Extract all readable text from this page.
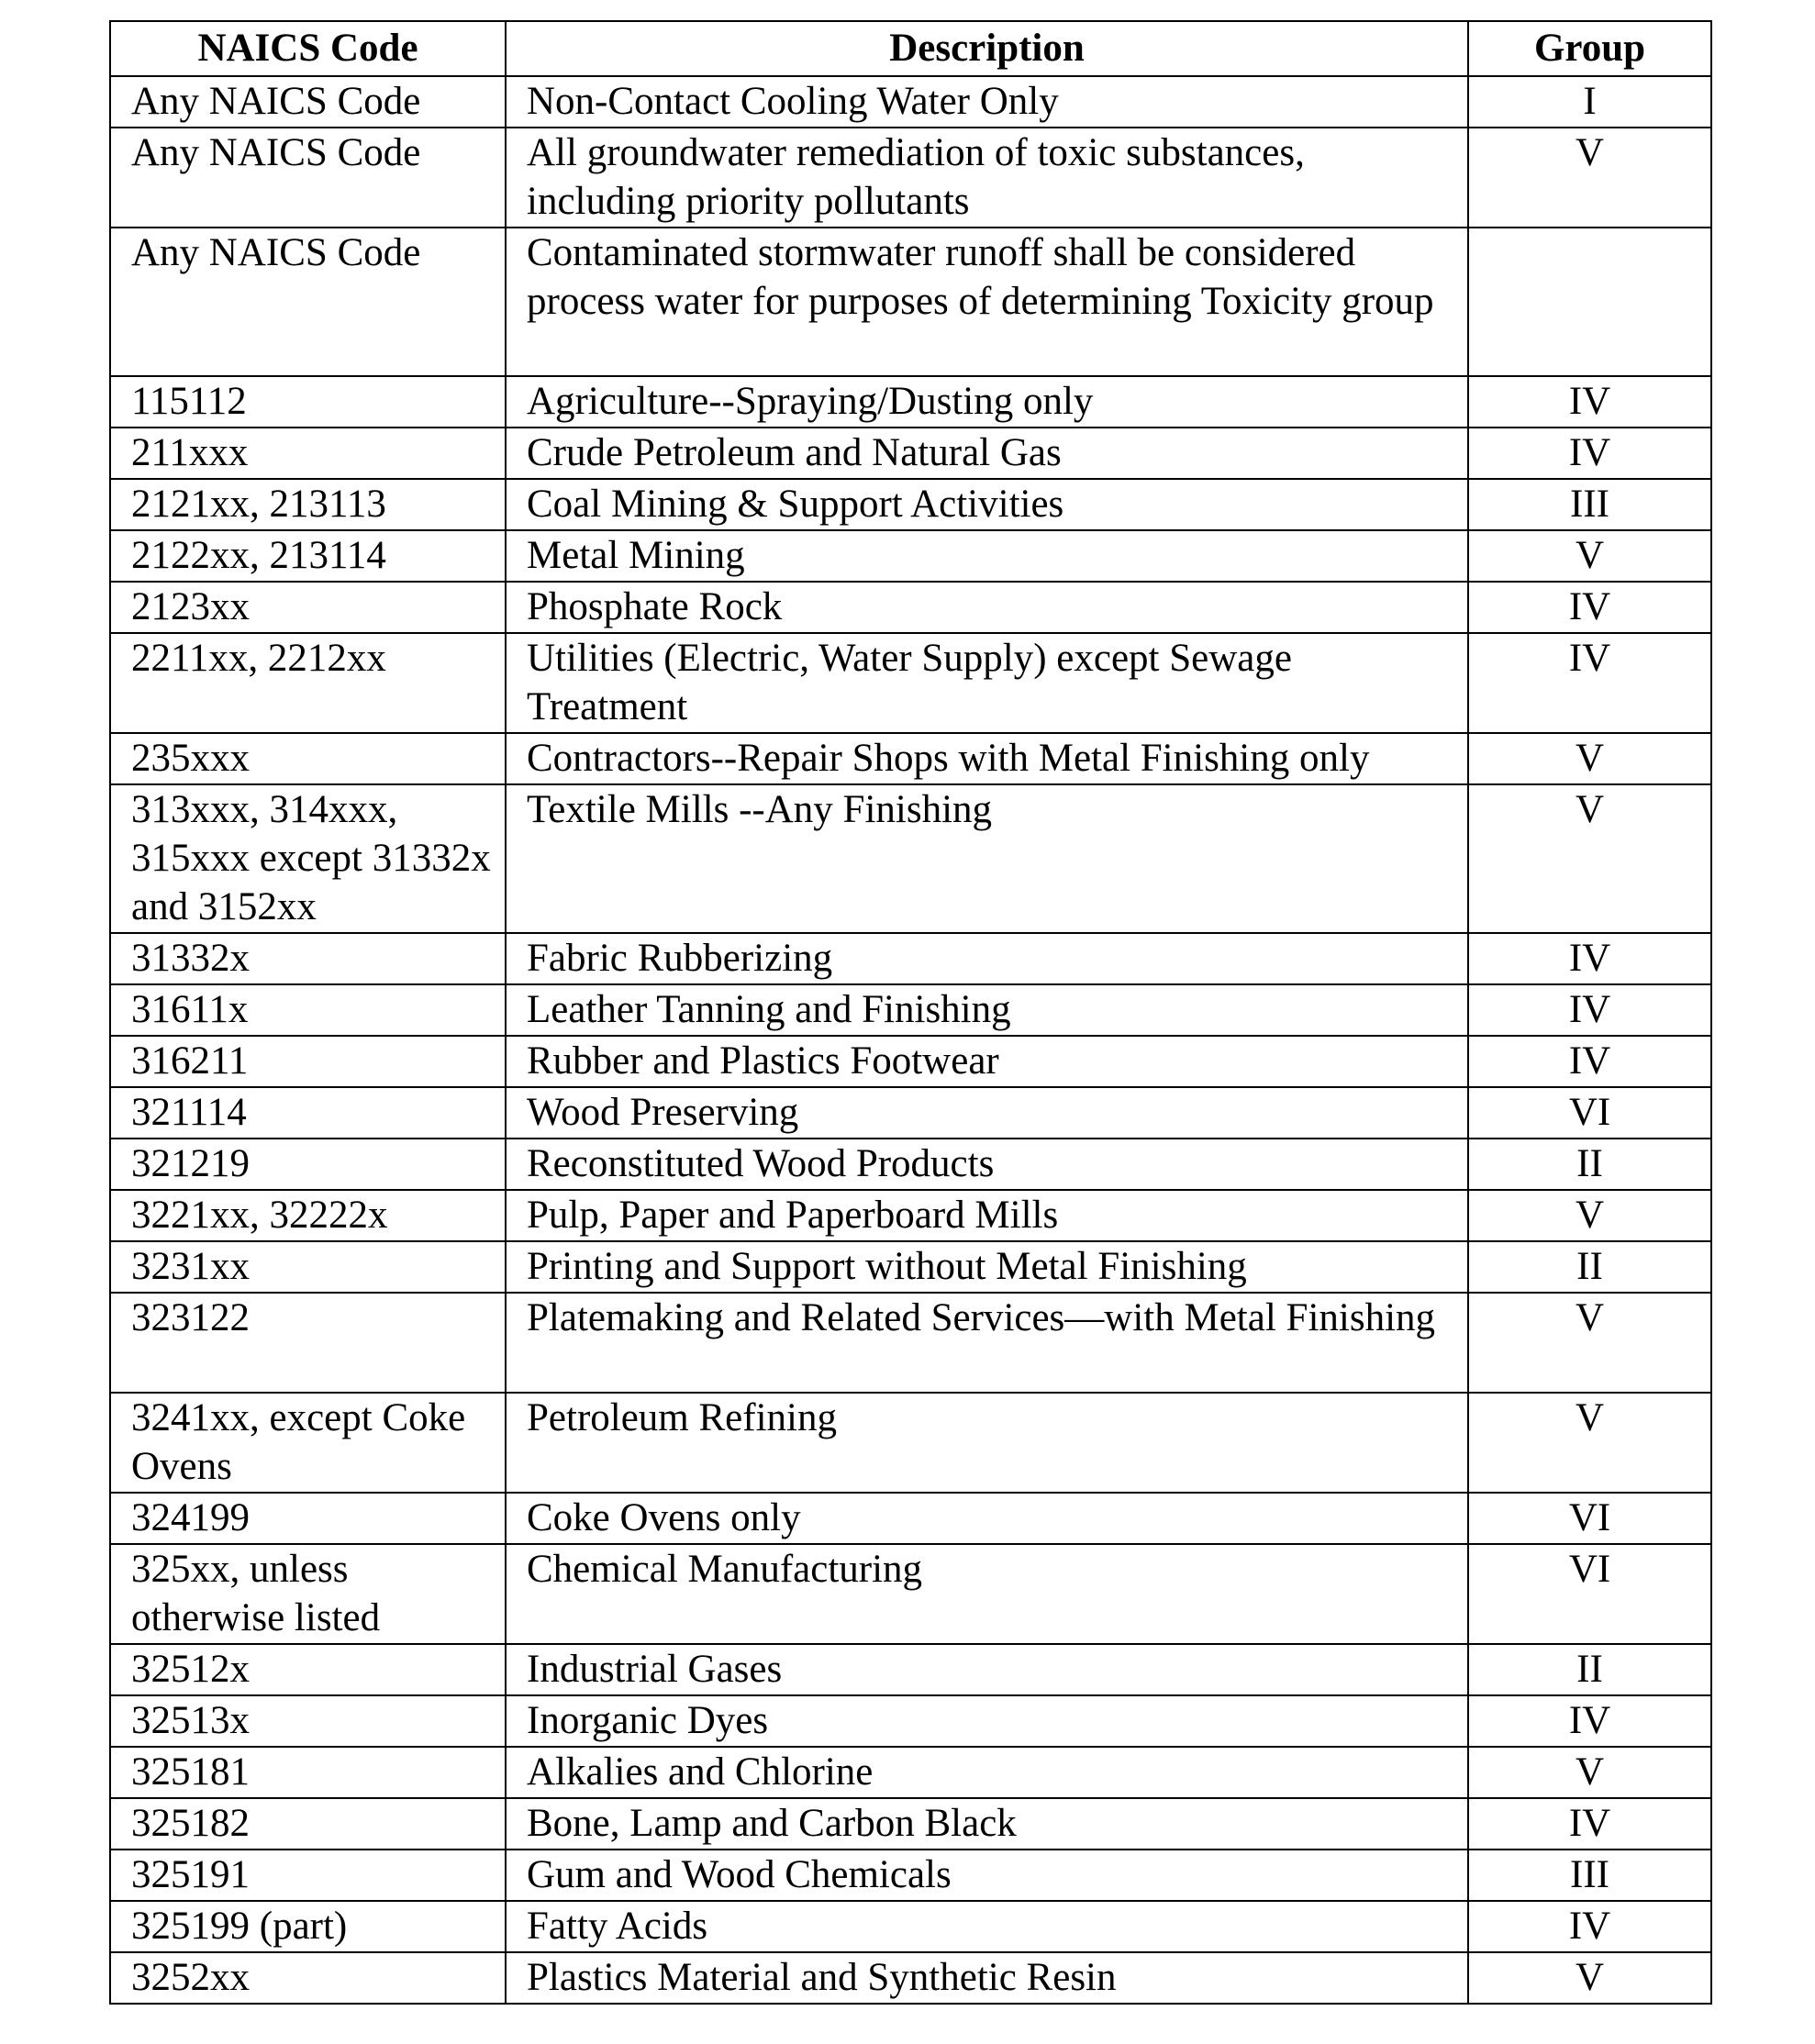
NAICS Code	Description	Group
Any NAICS Code	Non-Contact Cooling Water Only	I
Any NAICS Code	All groundwater remediation of toxic substances, including priority pollutants	V
Any NAICS Code	Contaminated stormwater runoff shall be considered process water for purposes of determining Toxicity group	
115112	Agriculture--Spraying/Dusting only	IV
211xxx	Crude Petroleum and Natural Gas	IV
2121xx, 213113	Coal Mining & Support Activities	III
2122xx, 213114	Metal Mining	V
2123xx	Phosphate Rock	IV
2211xx, 2212xx	Utilities (Electric, Water Supply) except Sewage Treatment	IV
235xxx	Contractors--Repair Shops with Metal Finishing only	V
313xxx, 314xxx, 315xxx except 31332x and 3152xx	Textile Mills --Any Finishing	V
31332x	Fabric Rubberizing	IV
31611x	Leather Tanning and Finishing	IV
316211	Rubber and Plastics Footwear	IV
321114	Wood Preserving	VI
321219	Reconstituted Wood Products	II
3221xx, 32222x	Pulp, Paper and Paperboard Mills	V
3231xx	Printing and Support without Metal Finishing	II
323122	Platemaking and Related Services—with Metal Finishing	V
3241xx, except Coke Ovens	Petroleum Refining	V
324199	Coke Ovens only	VI
325xx, unless otherwise listed	Chemical Manufacturing	VI
32512x	Industrial Gases	II
32513x	Inorganic Dyes	IV
325181	Alkalies and Chlorine	V
325182	Bone, Lamp and Carbon Black	IV
325191	Gum and Wood Chemicals	III
325199 (part)	Fatty Acids	IV
3252xx	Plastics Material and Synthetic Resin	V
